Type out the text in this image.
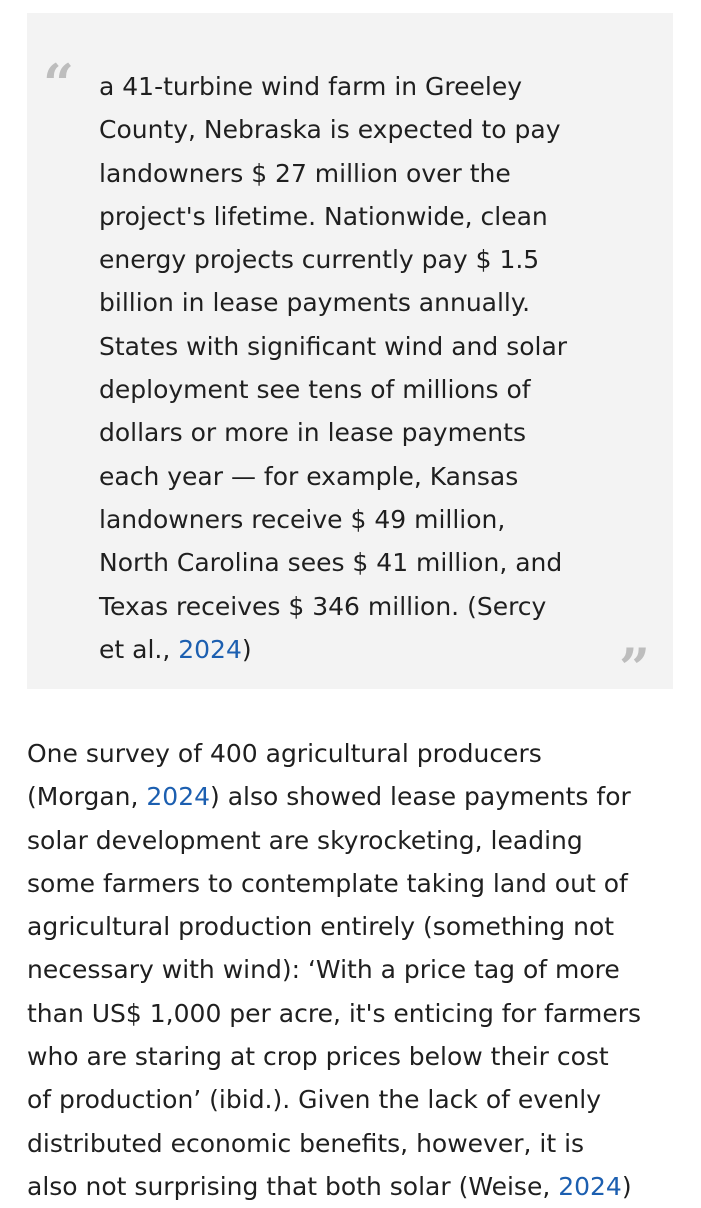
“ a 41-turbine wind farm in Greeley
County, Nebraska is expected to pay
landowners $ 27 million over the
project's lifetime. Nationwide, clean
energy projects currently pay $ 1.5
billion in lease payments annually.
States with significant wind and solar
deployment see tens of millions of
dollars or more in lease payments
each year — for example, Kansas
landowners receive $ 49 million,
North Carolina sees $ 41 million, and
Texas receives $ 346 million. (Sercy
et al., 2024)	”

One survey of 400 agricultural producers
(Morgan, 2024) also showed lease payments for
solar development are skyrocketing, leading
some farmers to contemplate taking land out of
agricultural production entirely (something not
necessary with wind): ‘With a price tag of more
than US$ 1,000 per acre, it's enticing for farmers
who are staring at crop prices below their cost
of production’ (ibid.). Given the lack of evenly
distributed economic benefits, however, it is
also not surprising that both solar (Weise, 2024)
